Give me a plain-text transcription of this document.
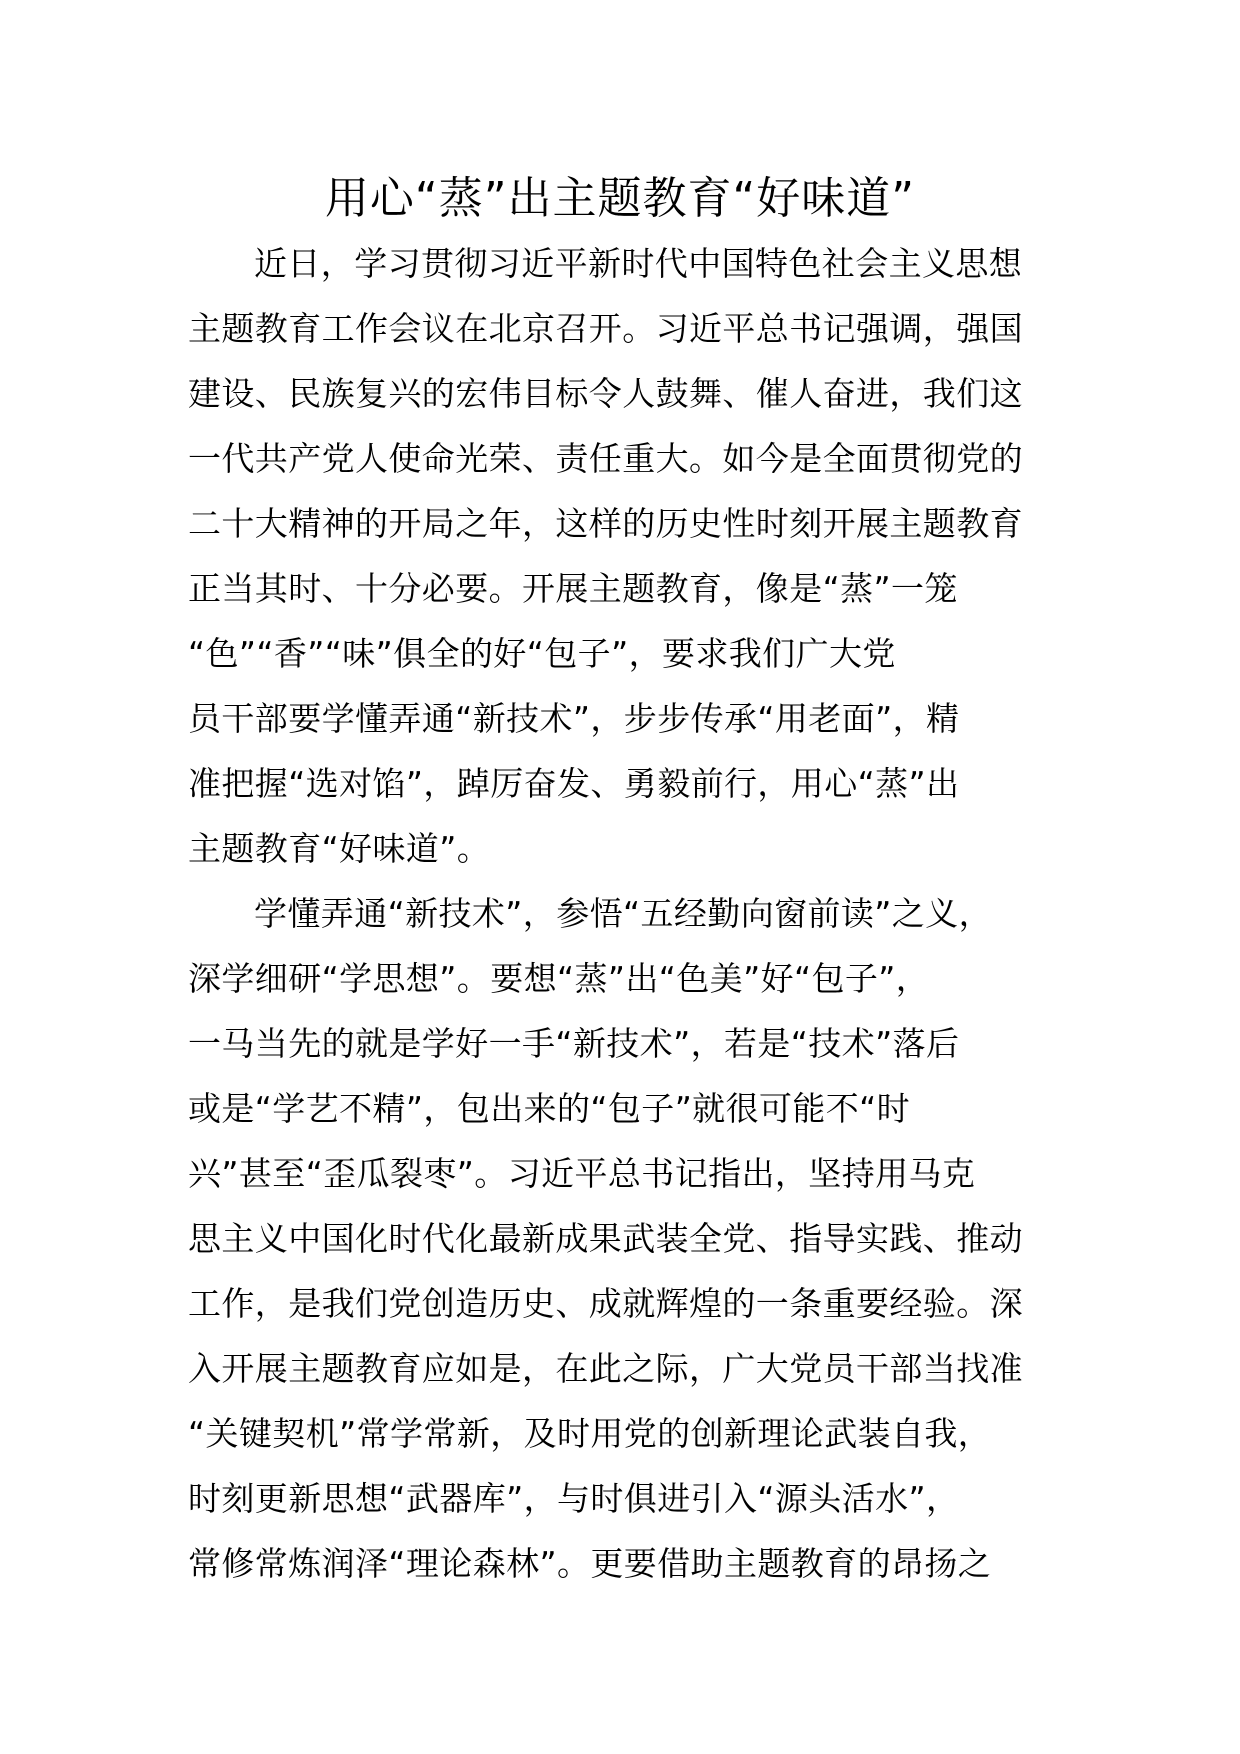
用心“蒸”出主题教育“好味道”
近日，学习贯彻习近平新时代中国特色社会主义思想
主题教育工作会议在北京召开。习近平总书记强调，强国
建设、民族复兴的宏伟目标令人鼓舞、催人奋进，我们这
一代共产党人使命光荣、责任重大。如今是全面贯彻党的
二十大精神的开局之年，这样的历史性时刻开展主题教育
正当其时、十分必要。开展主题教育，像是“蒸”一笼
“色”“香”“味”俱全的好“包子”，要求我们广大党
员干部要学懂弄通“新技术”，步步传承“用老面”，精
准把握“选对馅”，踔厉奋发、勇毅前行，用心“蒸”出
主题教育“好味道”。
学懂弄通“新技术”，参悟“五经勤向窗前读”之义，
深学细研“学思想”。要想“蒸”出“色美”好“包子”，
一马当先的就是学好一手“新技术”，若是“技术”落后
或是“学艺不精”，包出来的“包子”就很可能不“时
兴”甚至“歪瓜裂枣”。习近平总书记指出，坚持用马克
思主义中国化时代化最新成果武装全党、指导实践、推动
工作，是我们党创造历史、成就辉煌的一条重要经验。深
入开展主题教育应如是，在此之际，广大党员干部当找准
“关键契机”常学常新，及时用党的创新理论武装自我，
时刻更新思想“武器库”，与时俱进引入“源头活水”，
常修常炼润泽“理论森林”。更要借助主题教育的昂扬之
